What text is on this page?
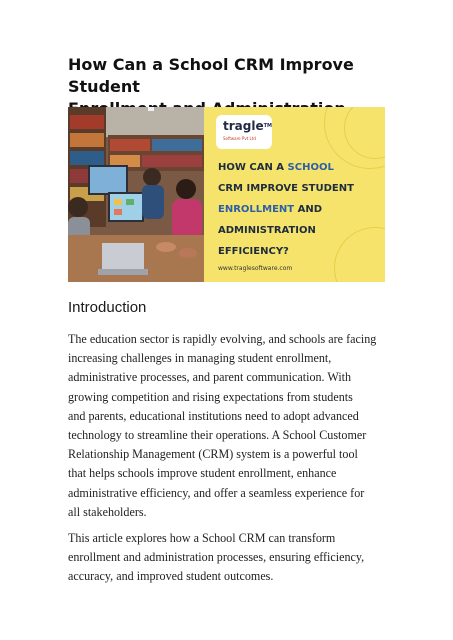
How Can a School CRM Improve Student

tragle™
Software Pvt Ltd
HOW CAN A SCHOOL
CRM IMPROVE STUDENT
ENROLLMENT AND
ADMINISTRATION
EFFICIENCY?
www.traglesoftware.com
Introduction

The education sector is rapidly evolving, and schools are facing
increasing challenges in managing student enrollment,
administrative processes, and parent communication. With
growing competition and rising expectations from students
and parents, educational institutions need to adopt advanced
technology to streamline their operations. A School Customer
Relationship Management (CRM) system is a powerful tool
that helps schools improve student enrollment, enhance
administrative efficiency, and offer a seamless experience for
all stakeholders.

This article explores how a School CRM can transform
enrollment and administration processes, ensuring efficiency,
accuracy, and improved student outcomes.
